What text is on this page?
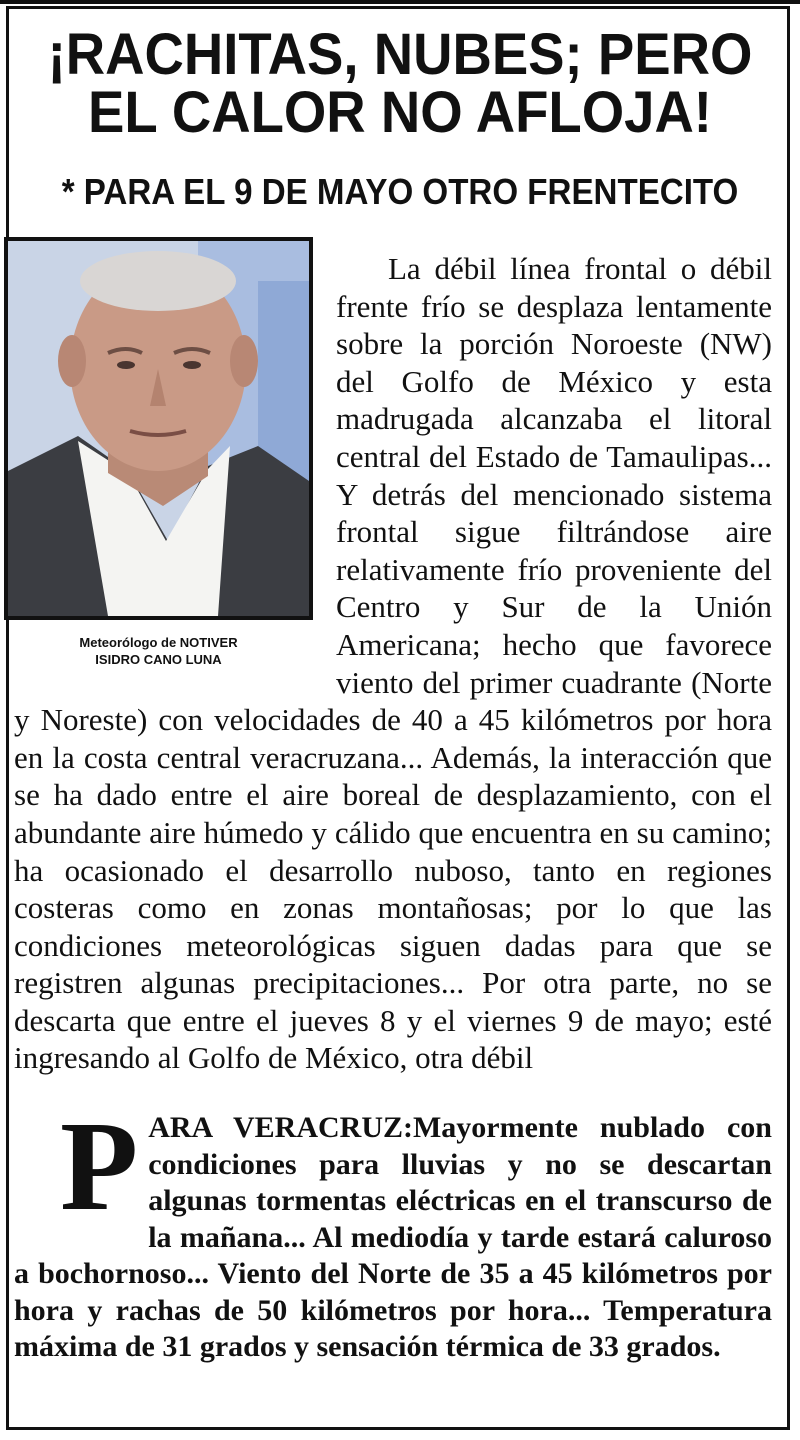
¡RACHITAS, NUBES; PERO EL CALOR NO AFLOJA!
* PARA EL 9 DE MAYO OTRO FRENTECITO
Meteorólogo de NOTIVER
ISIDRO CANO LUNA
La débil línea frontal o débil frente frío se desplaza lentamente sobre la porción Noroeste (NW) del Golfo de México y esta madrugada alcanzaba el litoral central del Estado de Tamaulipas... Y detrás del mencionado sistema frontal sigue filtrándose aire relativamente frío proveniente del Centro y Sur de la Unión Americana; hecho que favorece viento del primer cuadrante (Norte y Noreste) con velocidades de 40 a 45 kilómetros por hora en la costa central veracruzana... Además, la interacción que se ha dado entre el aire boreal de desplazamiento, con el abundante aire húmedo y cálido que encuentra en su camino; ha ocasionado el desarrollo nuboso, tanto en regiones costeras como en zonas montañosas; por lo que las condiciones meteorológicas siguen dadas para que se registren algunas precipitaciones... Por otra parte, no se descarta que entre el jueves 8 y el viernes 9 de mayo; esté ingresando al Golfo de México, otra débil
PARA VERACRUZ:Mayormente nublado con condiciones para lluvias y no se descartan algunas tormentas eléctricas en el transcurso de la mañana... Al mediodía y tarde estará caluroso a bochornoso... Viento del Norte de 35 a 45 kilómetros por hora y rachas de 50 kilómetros por hora... Temperatura máxima de 31 grados y sensación térmica de 33 grados.
